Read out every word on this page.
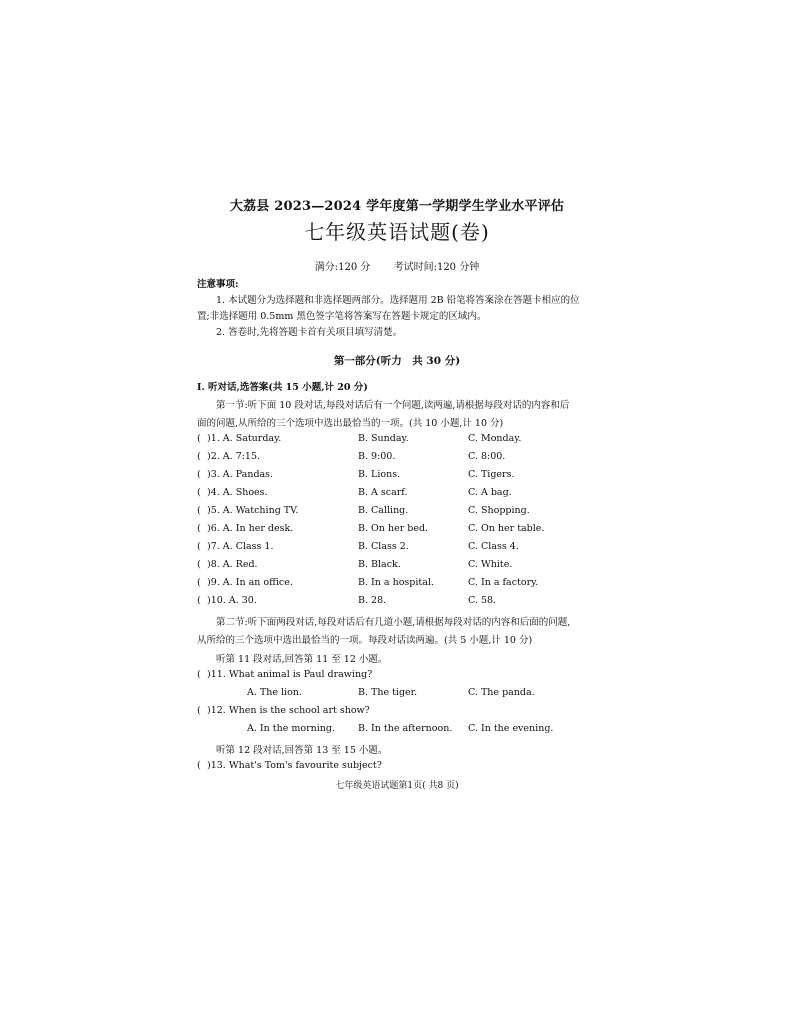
大荔县 2023—2024 学年度第一学期学生学业水平评估
七年级英语试题(卷)
满分:120 分 考试时间:120 分钟
注意事项:
1. 本试题分为选择题和非选择题两部分。选择题用 2B 铅笔将答案涂在答题卡相应的位
置;非选择题用 0.5mm 黑色签字笔将答案写在答题卡规定的区域内。
2. 答卷时,先将答题卡首有关项目填写清楚。
第一部分(听力　共 30 分)
Ⅰ. 听对话,选答案(共 15 小题,计 20 分)
第一节:听下面 10 段对话,每段对话后有一个问题,读两遍,请根据每段对话的内容和后
面的问题,从所给的三个选项中选出最恰当的一项。(共 10 小题,计 10 分)
( )1. A. Saturday.	B. Sunday.	C. Monday.
( )2. A. 7:15.	B. 9:00.	C. 8:00.
( )3. A. Pandas.	B. Lions.	C. Tigers.
( )4. A. Shoes.	B. A scarf.	C. A bag.
( )5. A. Watching TV.	B. Calling.	C. Shopping.
( )6. A. In her desk.	B. On her bed.	C. On her table.
( )7. A. Class 1.	B. Class 2.	C. Class 4.
( )8. A. Red.	B. Black.	C. White.
( )9. A. In an office.	B. In a hospital.	C. In a factory.
( )10. A. 30.	B. 28.	C. 58.
第二节:听下面两段对话,每段对话后有几道小题,请根据每段对话的内容和后面的问题,
从所给的三个选项中选出最恰当的一项。每段对话读两遍。(共 5 小题,计 10 分)
听第 11 段对话,回答第 11 至 12 小题。
( )11. What animal is Paul drawing?
A. The lion.	B. The tiger.	C. The panda.
( )12. When is the school art show?
A. In the morning. B. In the afternoon. C. In the evening.
听第 12 段对话,回答第 13 至 15 小题。
( )13. What's Tom's favourite subject?
七年级英语试题第1页( 共8 页)
